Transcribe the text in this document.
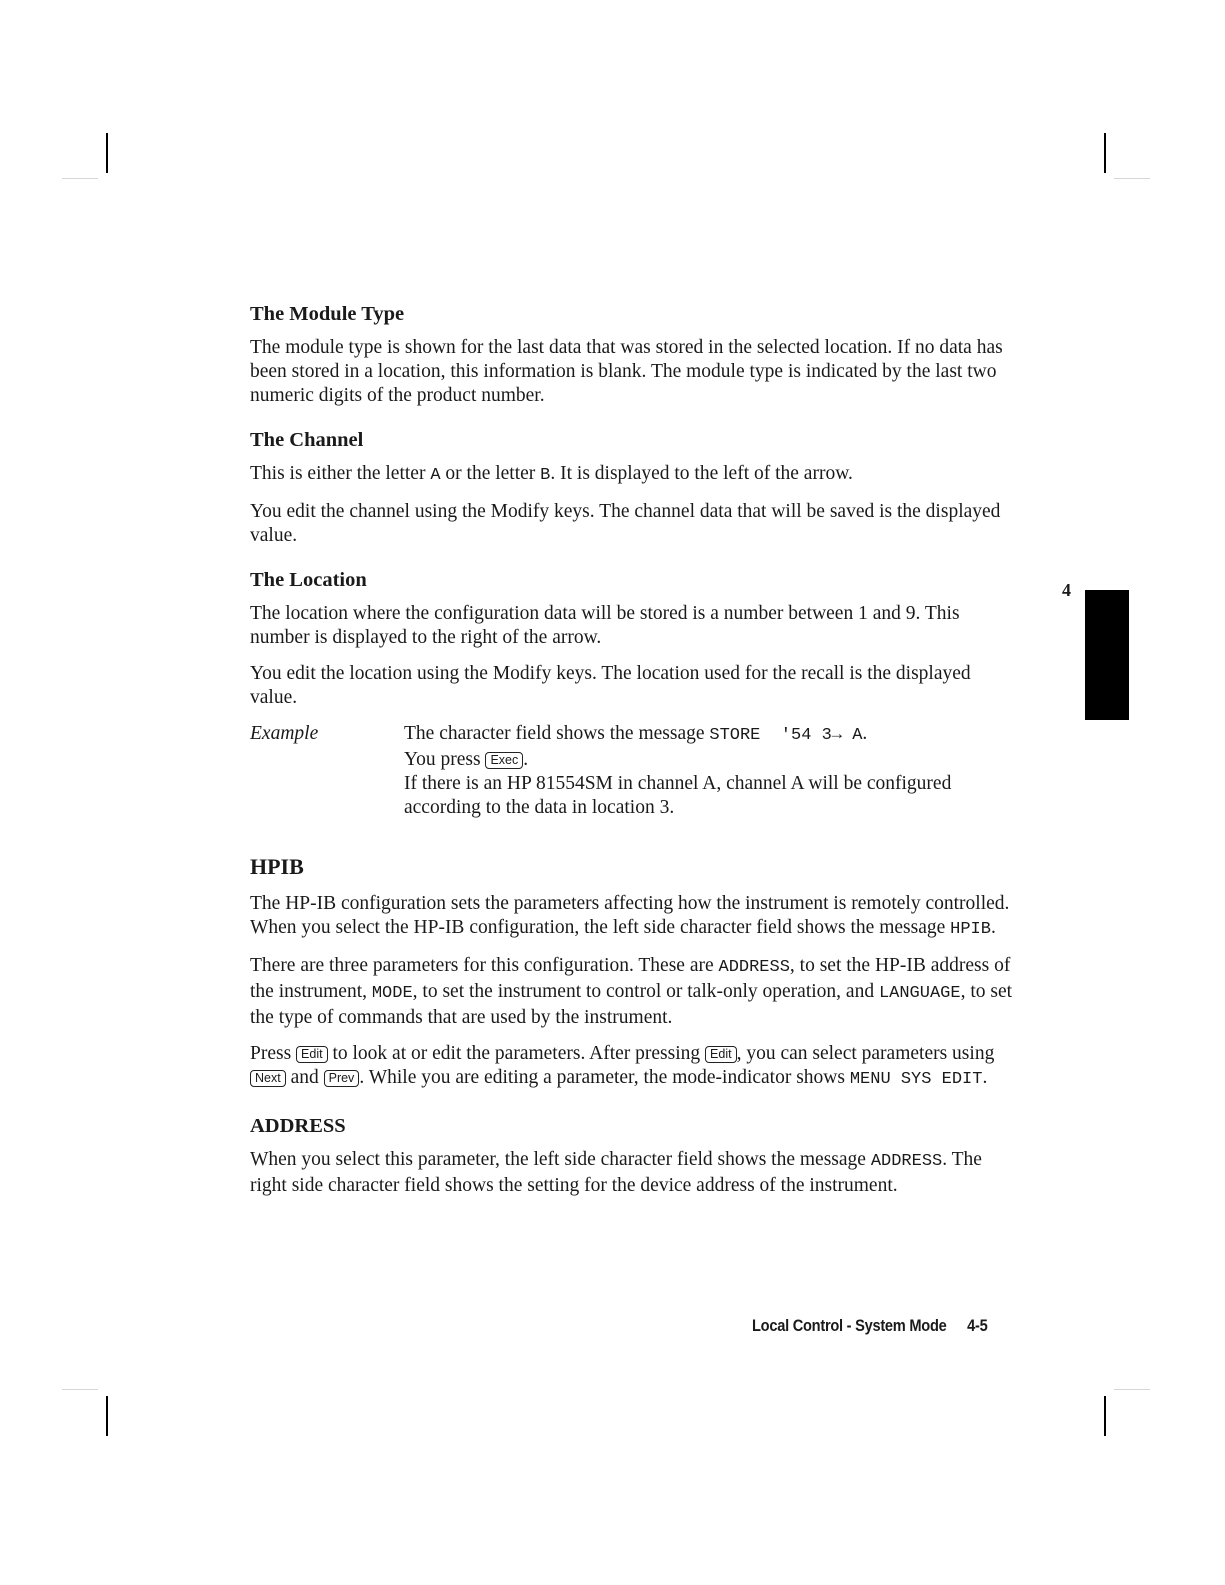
The Module Type

The module type is shown for the last data that was stored in the selected location. If no data has been stored in a location, this information is blank. The module type is indicated by the last two numeric digits of the product number.

The Channel

This is either the letter A or the letter B. It is displayed to the left of the arrow.

You edit the channel using the Modify keys. The channel data that will be saved is the displayed value.

The Location

The location where the configuration data will be stored is a number between 1 and 9. This number is displayed to the right of the arrow.

You edit the location using the Modify keys. The location used for the recall is the displayed value.

Example	The character field shows the message STORE  '54 3→ A.
You press Exec .
If there is an HP 81554SM in channel A, channel A will be configured according to the data in location 3.
HPIB

The HP-IB configuration sets the parameters affecting how the instrument is remotely controlled. When you select the HP-IB configuration, the left side character field shows the message HPIB.

There are three parameters for this configuration. These are ADDRESS, to set the HP-IB address of the instrument, MODE, to set the instrument to control or talk-only operation, and LANGUAGE, to set the type of commands that are used by the instrument.

Press Edit to look at or edit the parameters. After pressing Edit , you can select parameters using Next and Prev . While you are editing a parameter, the mode-indicator shows MENU SYS EDIT.

ADDRESS

When you select this parameter, the left side character field shows the message ADDRESS. The right side character field shows the setting for the device address of the instrument.

4
Local Control - System Mode 4-5
